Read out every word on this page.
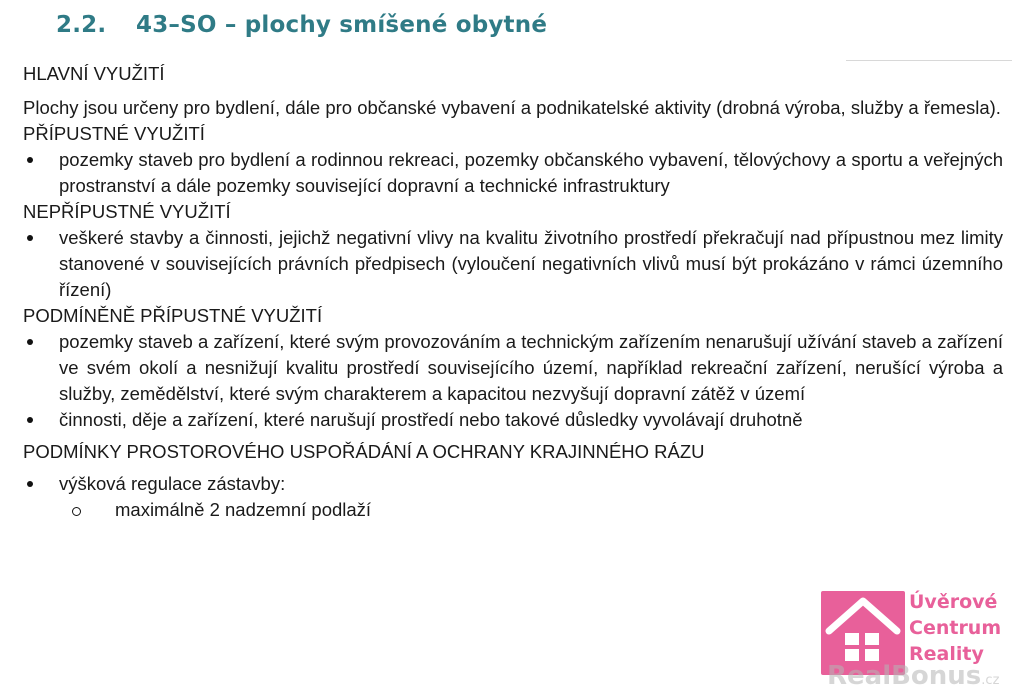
2.2. 43–SO – plochy smíšené obytné
HLAVNÍ VYUŽITÍ
Plochy jsou určeny pro bydlení, dále pro občanské vybavení a podnikatelské aktivity (drobná výroba, služby a řemesla).
PŘÍPUSTNÉ VYUŽITÍ
pozemky staveb pro bydlení a rodinnou rekreaci, pozemky občanského vybavení, tělovýchovy a sportu a veřejných prostranství a dále pozemky související dopravní a technické infrastruktury
NEPŘÍPUSTNÉ VYUŽITÍ
veškeré stavby a činnosti, jejichž negativní vlivy na kvalitu životního prostředí překračují nad přípustnou mez limity stanovené v souvisejících právních předpisech (vyloučení negativních vlivů musí být prokázáno v rámci územního řízení)
PODMÍNĚNĚ PŘÍPUSTNÉ VYUŽITÍ
pozemky staveb a zařízení, které svým provozováním a technickým zařízením nenarušují užívání staveb a zařízení ve svém okolí a nesnižují kvalitu prostředí souvisejícího území, například rekreační zařízení, nerušící výroba a služby, zemědělství, které svým charakterem a kapacitou nezvyšují dopravní zátěž v území
činnosti, děje a zařízení, které narušují prostředí nebo takové důsledky vyvolávají druhotně
PODMÍNKY PROSTOROVÉHO USPOŘÁDÁNÍ A OCHRANY KRAJINNÉHO RÁZU
výšková regulace zástavby:
maximálně 2 nadzemní podlaží
Úvěrové
Centrum
Reality
RealBonus.cz
